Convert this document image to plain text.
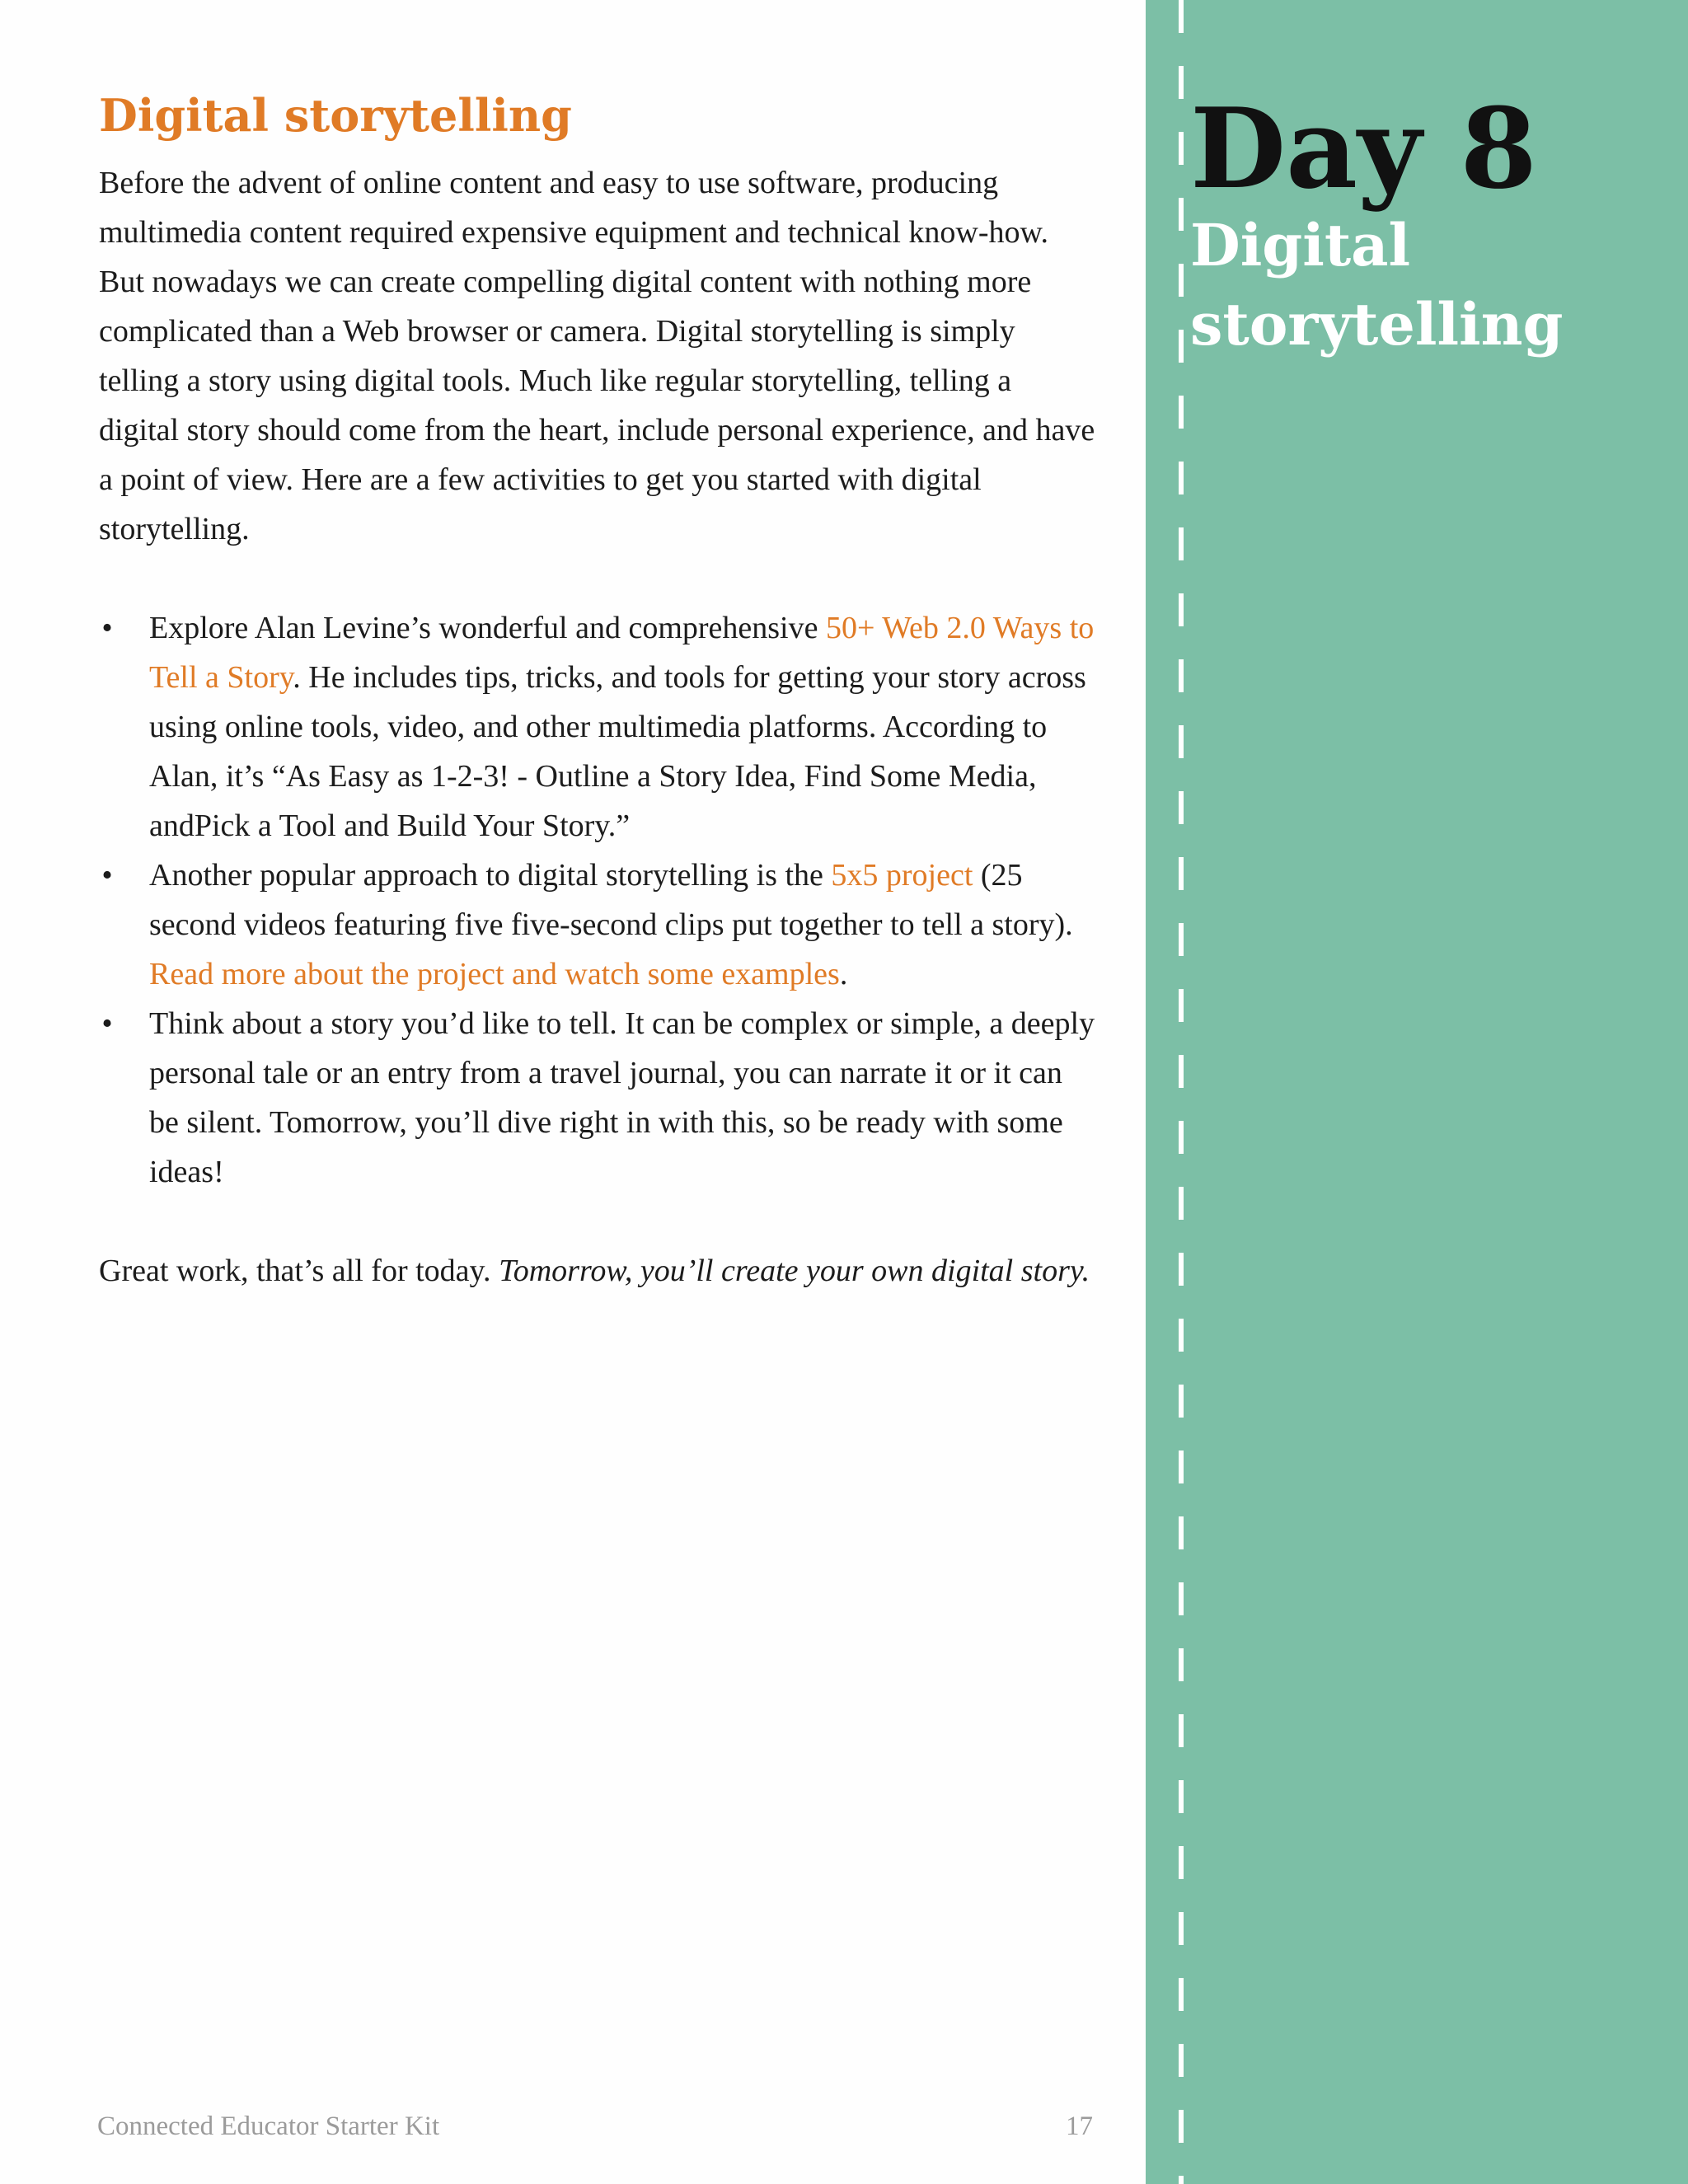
Digital storytelling

Before the advent of online content and easy to use software, producing multimedia content required expensive equipment and technical know-how. But nowadays we can create compelling digital content with nothing more complicated than a Web browser or camera. Digital storytelling is simply telling a story using digital tools. Much like regular storytelling, telling a digital story should come from the heart, include personal experience, and have a point of view. Here are a few activities to get you started with digital storytelling.

• Explore Alan Levine’s wonderful and comprehensive 50+ Web 2.0 Ways to Tell a Story. He includes tips, tricks, and tools for getting your story across using online tools, video, and other multimedia platforms. According to Alan, it’s “As Easy as 1-2-3! - Outline a Story Idea, Find Some Media, andPick a Tool and Build Your Story.”
• Another popular approach to digital storytelling is the 5x5 project (25 second videos featuring five five-second clips put together to tell a story). Read more about the project and watch some examples.
• Think about a story you’d like to tell. It can be complex or simple, a deeply personal tale or an entry from a travel journal, you can narrate it or it can be silent. Tomorrow, you’ll dive right in with this, so be ready with some ideas!

Great work, that’s all for today. Tomorrow, you’ll create your own digital story.

Connected Educator Starter Kit	17
Day 8
Digital storytelling
